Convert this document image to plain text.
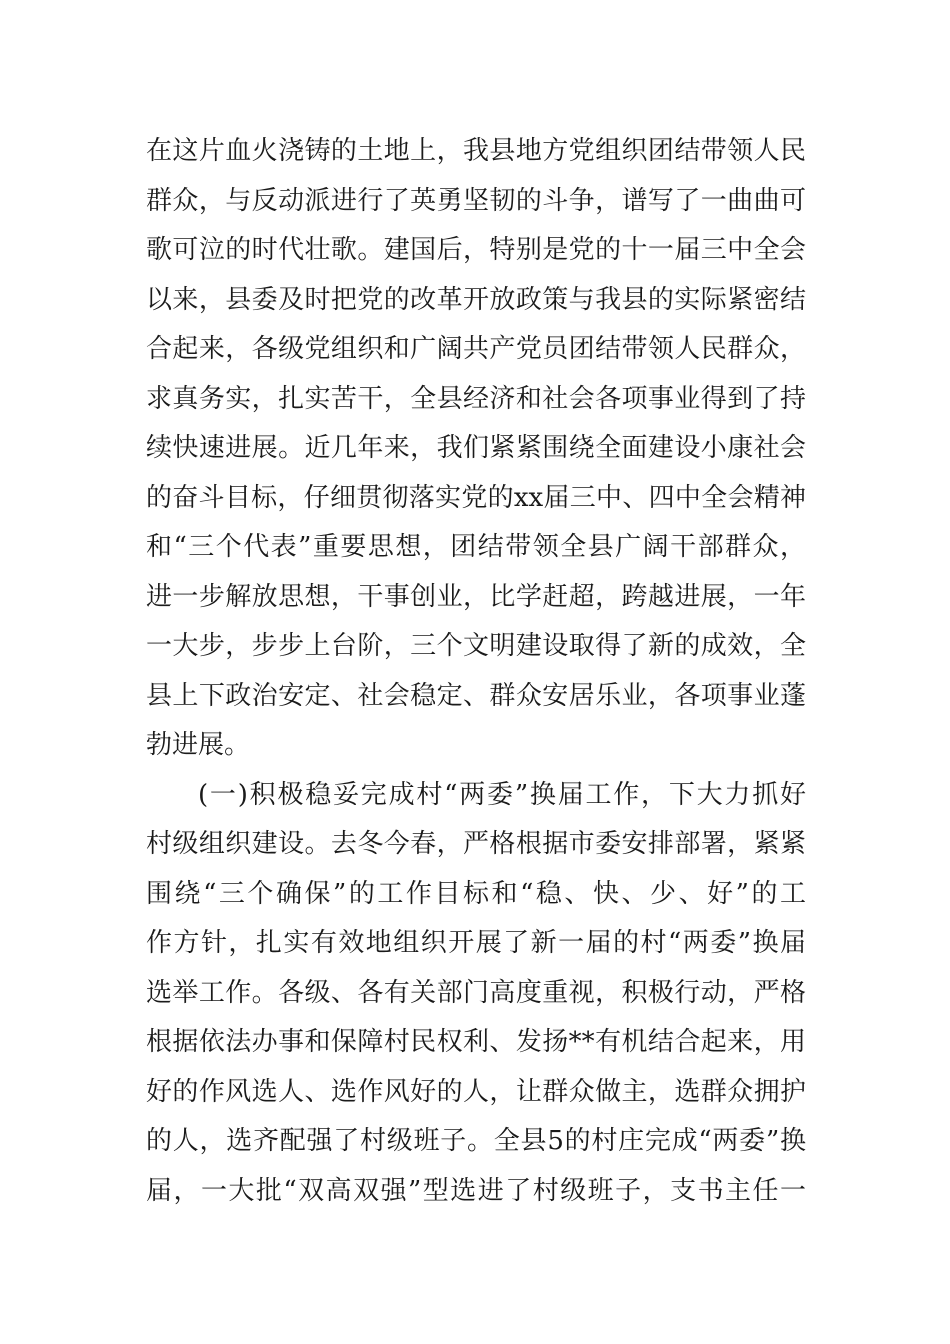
在这片血火浇铸的土地上，我县地方党组织团结带领人民
群众，与反动派进行了英勇坚韧的斗争，谱写了一曲曲可
歌可泣的时代壮歌。建国后，特别是党的十一届三中全会
以来，县委及时把党的改革开放政策与我县的实际紧密结
合起来，各级党组织和广阔共产党员团结带领人民群众，
求真务实，扎实苦干，全县经济和社会各项事业得到了持
续快速进展。近几年来，我们紧紧围绕全面建设小康社会
的奋斗目标，仔细贯彻落实党的xx届三中、四中全会精神
和“三个代表”重要思想，团结带领全县广阔干部群众，
进一步解放思想，干事创业，比学赶超，跨越进展，一年
一大步，步步上台阶，三个文明建设取得了新的成效，全
县上下政治安定、社会稳定、群众安居乐业，各项事业蓬
勃进展。
(一)积极稳妥完成村“两委”换届工作，下大力抓好
村级组织建设。去冬今春，严格根据市委安排部署，紧紧
围绕“三个确保”的工作目标和“稳、快、少、好”的工
作方针，扎实有效地组织开展了新一届的村“两委”换届
选举工作。各级、各有关部门高度重视，积极行动，严格
根据依法办事和保障村民权利、发扬**有机结合起来，用
好的作风选人、选作风好的人，让群众做主，选群众拥护
的人，选齐配强了村级班子。全县5的村庄完成“两委”换
届，一大批“双高双强”型选进了村级班子，支书主任一
